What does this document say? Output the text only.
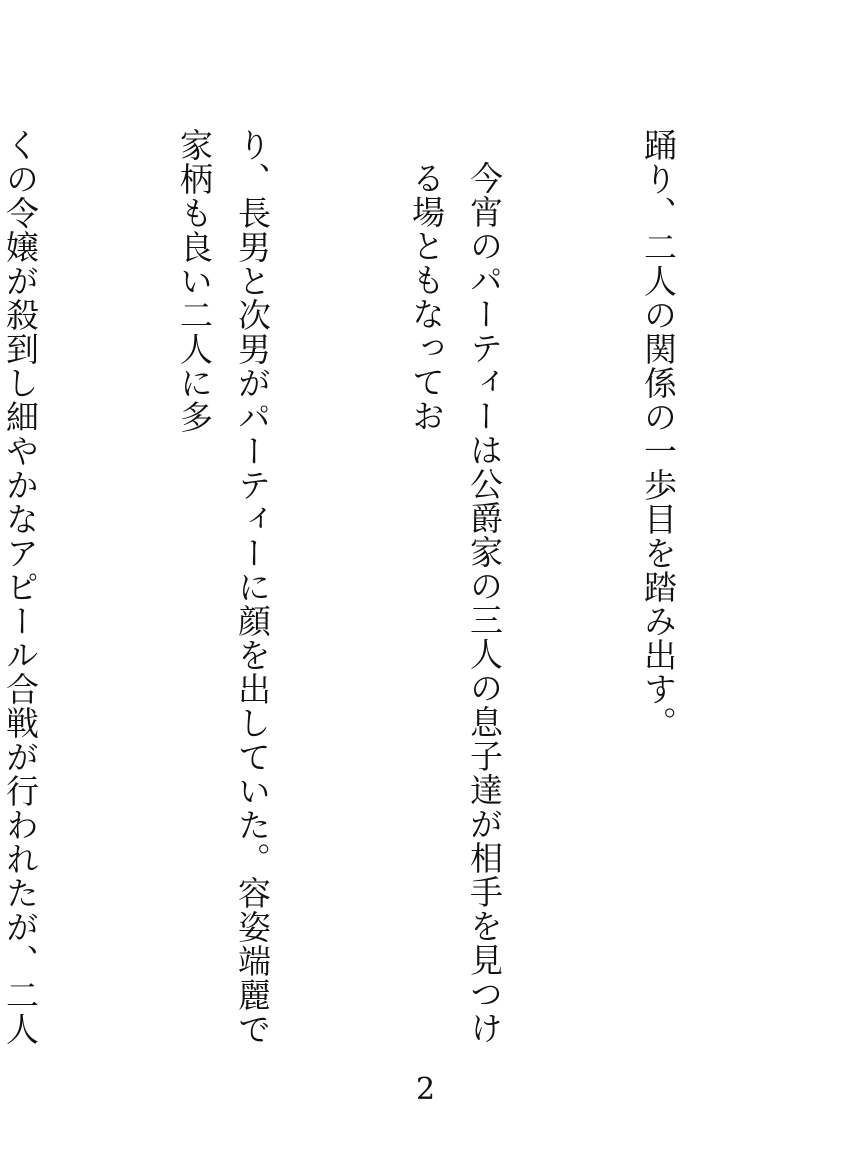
踊り、二人の関係の一歩目を踏み出す。

今宵のパーティーは公爵家の三人の息子達が相手を見つける場ともなってお

り、長男と次男がパーティーに顔を出していた。容姿端麗で家柄も良い二人に多

くの令嬢が殺到し細やかなアピール合戦が行われたが、二人

2
